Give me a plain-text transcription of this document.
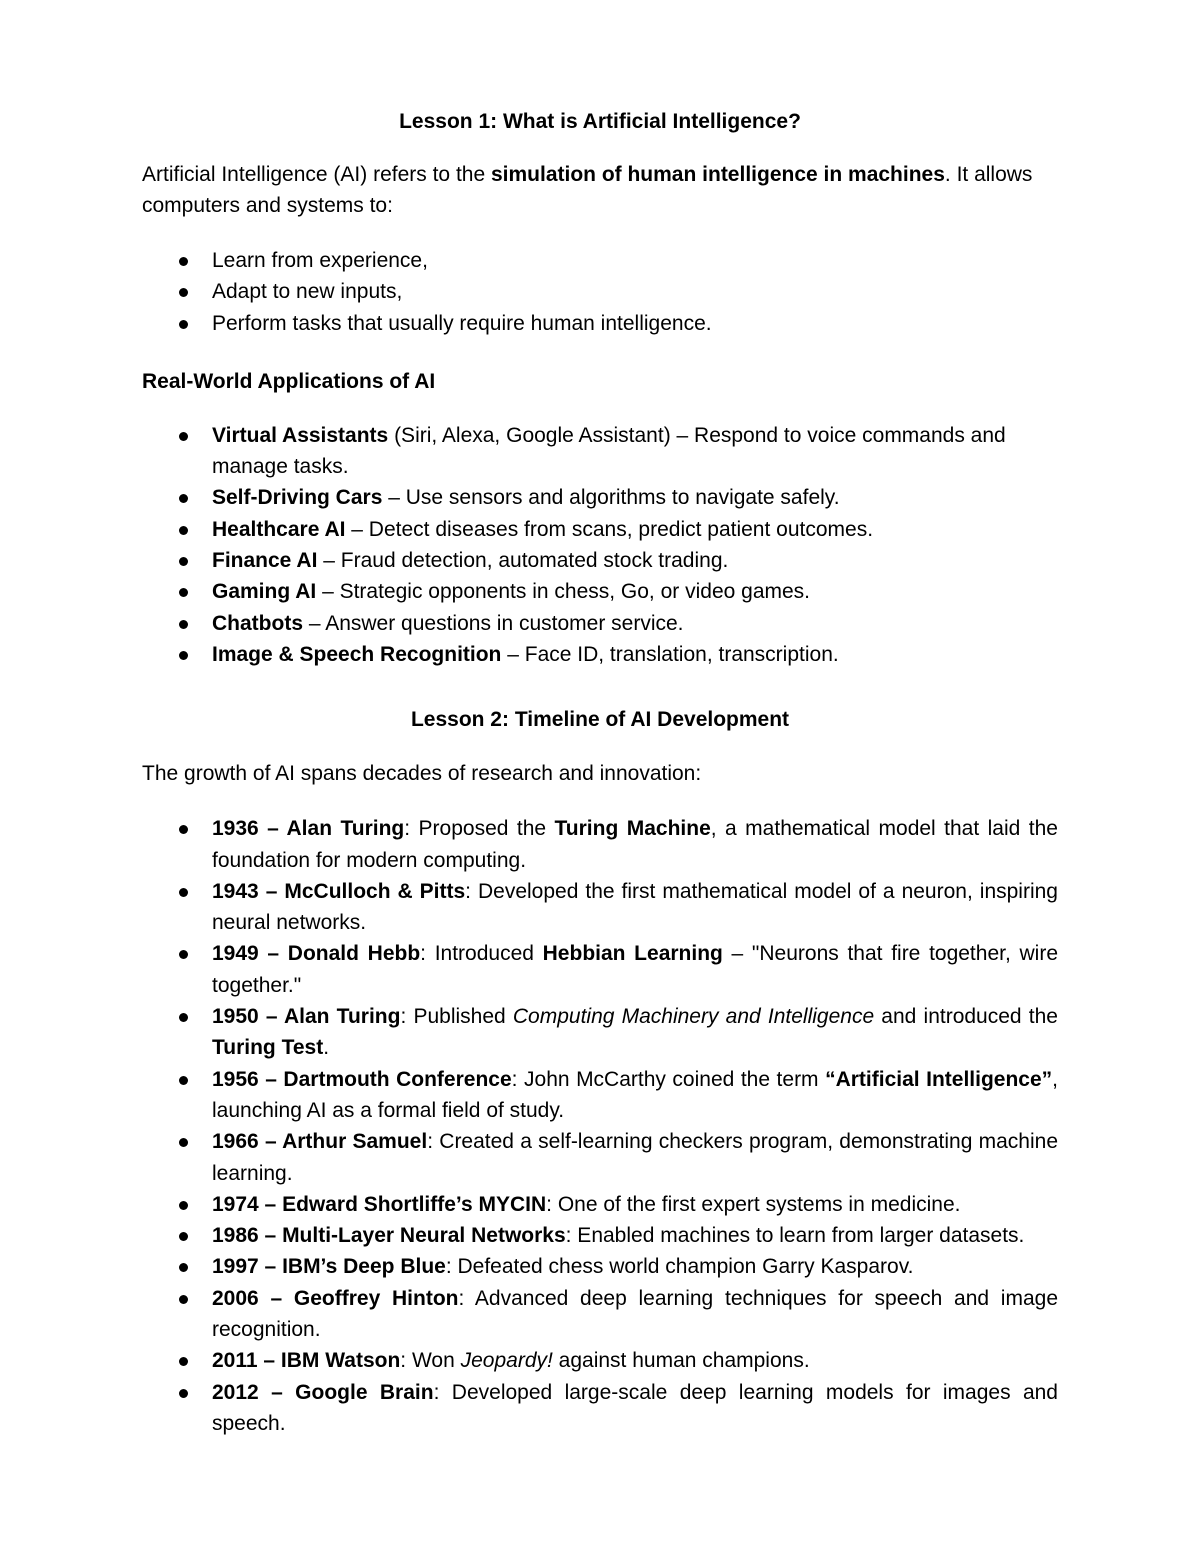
Lesson 1: What is Artificial Intelligence?

Artificial Intelligence (AI) refers to the simulation of human intelligence in machines. It allows computers and systems to:

Learn from experience,
Adapt to new inputs,
Perform tasks that usually require human intelligence.
Real-World Applications of AI
Virtual Assistants (Siri, Alexa, Google Assistant) – Respond to voice commands and manage tasks.
Self-Driving Cars – Use sensors and algorithms to navigate safely.
Healthcare AI – Detect diseases from scans, predict patient outcomes.
Finance AI – Fraud detection, automated stock trading.
Gaming AI – Strategic opponents in chess, Go, or video games.
Chatbots – Answer questions in customer service.
Image & Speech Recognition – Face ID, translation, transcription.
Lesson 2: Timeline of AI Development

The growth of AI spans decades of research and innovation:

1936 – Alan Turing: Proposed the Turing Machine, a mathematical model that laid the foundation for modern computing.
1943 – McCulloch & Pitts: Developed the first mathematical model of a neuron, inspiring neural networks.
1949 – Donald Hebb: Introduced Hebbian Learning – "Neurons that fire together, wire together."
1950 – Alan Turing: Published Computing Machinery and Intelligence and introduced the Turing Test.
1956 – Dartmouth Conference: John McCarthy coined the term “Artificial Intelligence”, launching AI as a formal field of study.
1966 – Arthur Samuel: Created a self-learning checkers program, demonstrating machine learning.
1974 – Edward Shortliffe’s MYCIN: One of the first expert systems in medicine.
1986 – Multi-Layer Neural Networks: Enabled machines to learn from larger datasets.
1997 – IBM’s Deep Blue: Defeated chess world champion Garry Kasparov.
2006 – Geoffrey Hinton: Advanced deep learning techniques for speech and image recognition.
2011 – IBM Watson: Won Jeopardy! against human champions.
2012 – Google Brain: Developed large-scale deep learning models for images and speech.
